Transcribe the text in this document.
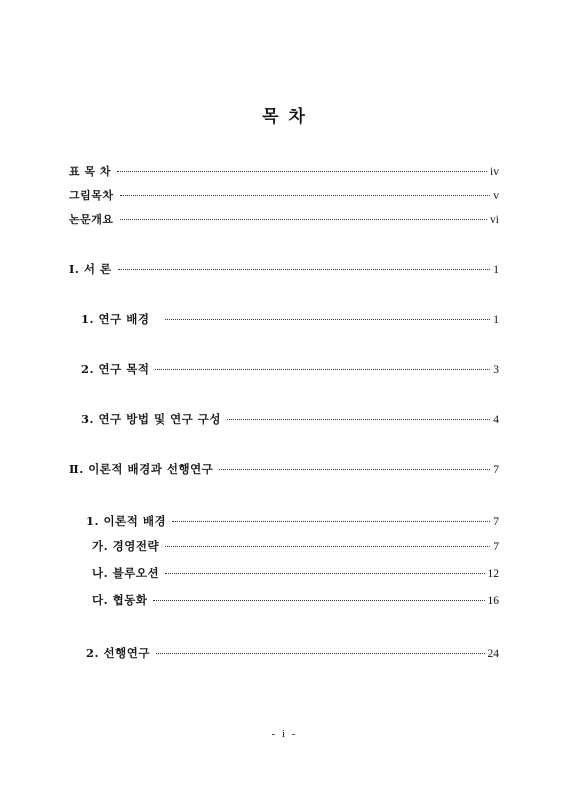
목 차
표 목 차	iv
그림목차	v
논문개요	vi
Ⅰ. 서 론	1
1. 연구 배경	1
2. 연구 목적	3
3. 연구 방법 및 연구 구성	4
Ⅱ. 이론적 배경과 선행연구	7
1. 이론적 배경	7
가. 경영전략	7
나. 블루오션	12
다. 협동화	16
2. 선행연구	24
- i -
